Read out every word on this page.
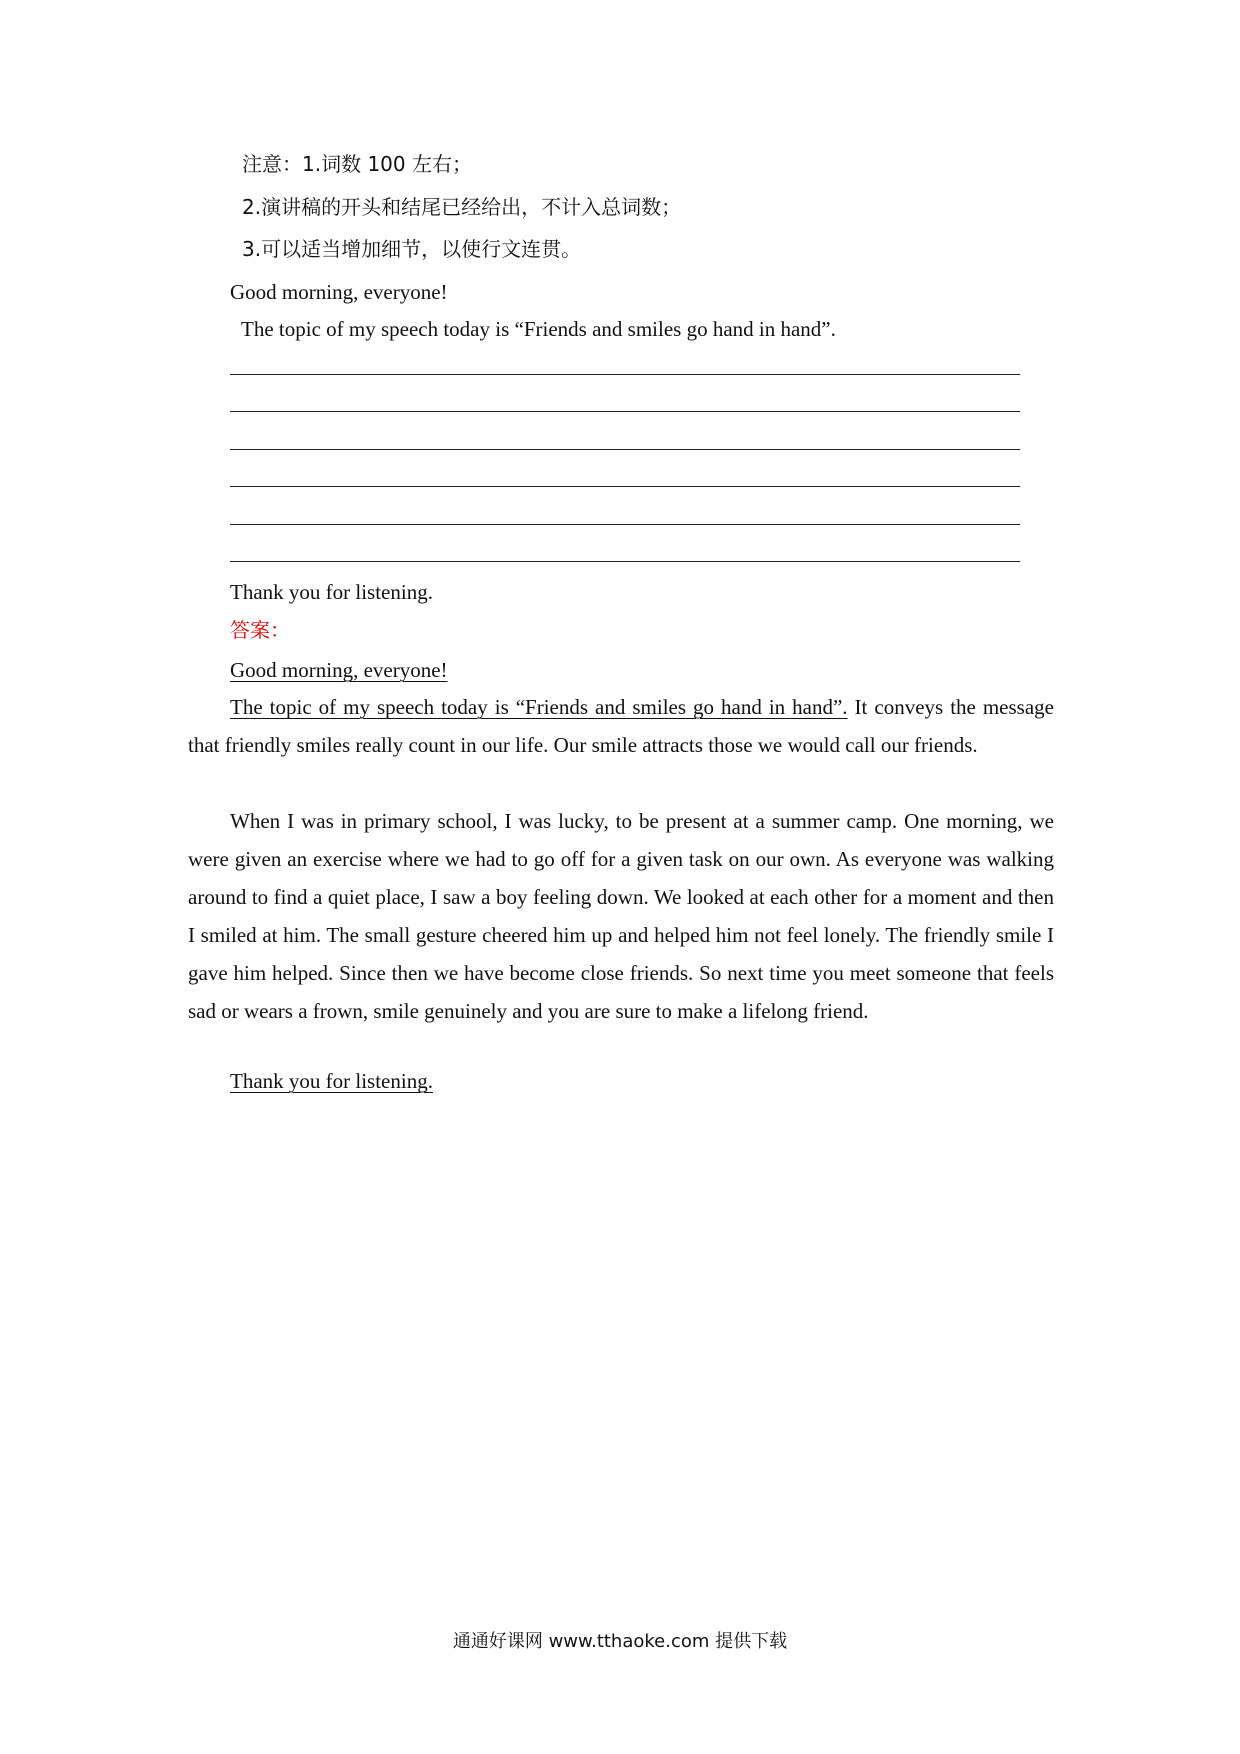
注意：1.词数 100 左右；
2.演讲稿的开头和结尾已经给出，不计入总词数；
3.可以适当增加细节，以使行文连贯。
Good morning, everyone!
The topic of my speech today is “Friends and smiles go hand in hand”.
Thank you for listening.
答案：
Good morning, everyone!
The topic of my speech today is “Friends and smiles go hand in hand”. It conveys the message that friendly smiles really count in our life. Our smile attracts those we would call our friends.
When I was in primary school, I was lucky, to be present at a summer camp. One morning, we were given an exercise where we had to go off for a given task on our own. As everyone was walking around to find a quiet place, I saw a boy feeling down. We looked at each other for a moment and then I smiled at him. The small gesture cheered him up and helped him not feel lonely. The friendly smile I gave him helped. Since then we have become close friends. So next time you meet someone that feels sad or wears a frown, smile genuinely and you are sure to make a lifelong friend.
Thank you for listening.
通通好课网 www.tthaoke.com 提供下载
